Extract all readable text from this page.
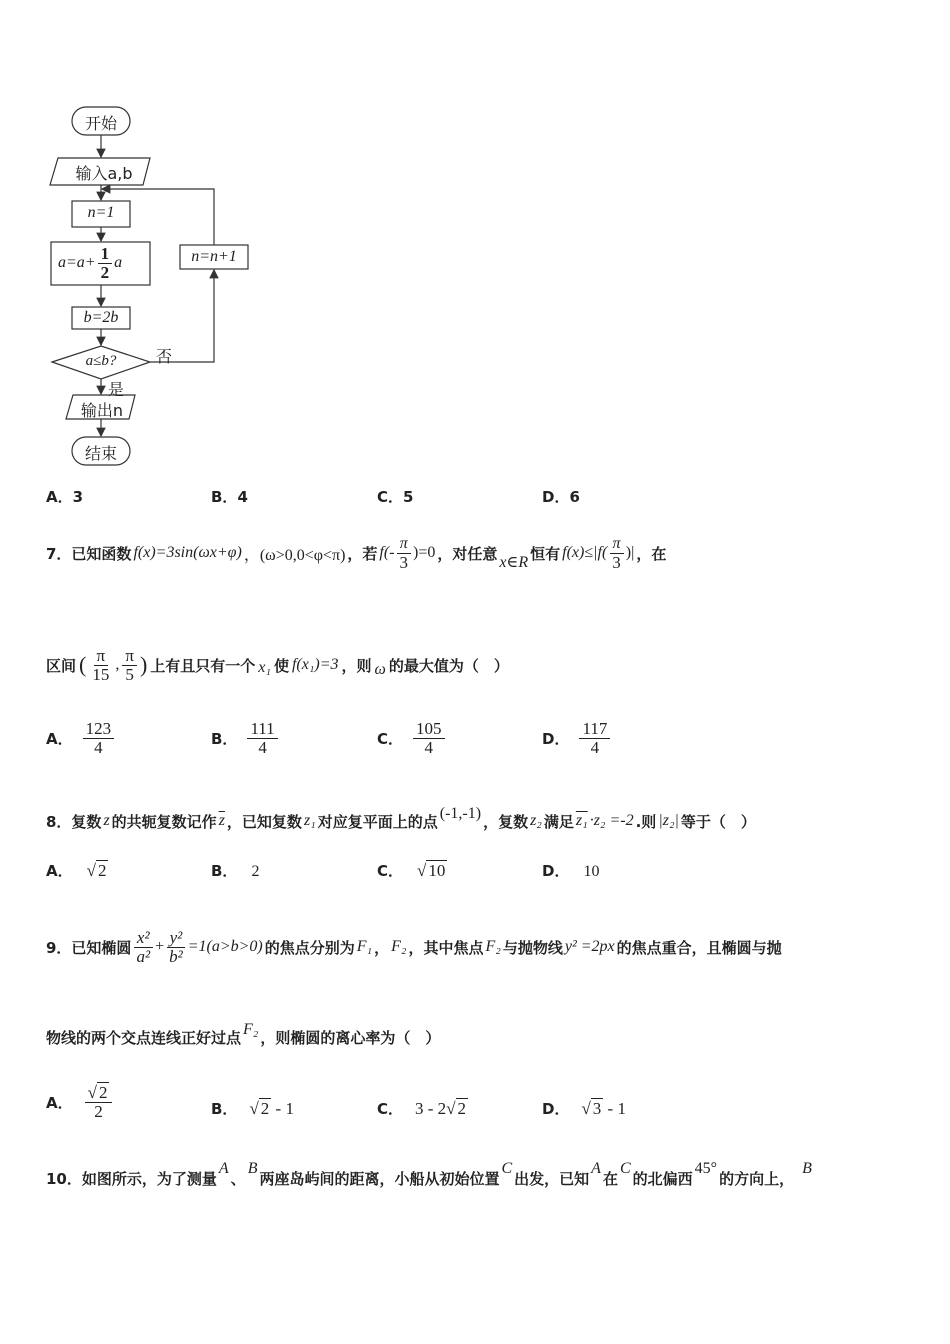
开始
输入a,b
n=1
$a=a+ \frac{1}{2}$ a
b=2b
a≤b?	否
是
n=n+1
输出n
结束
A．3	B．4	C．5	D．6
7．已知函数 f(x)=3sin(ωx+φ) ，(ω>0,0<φ<π) ，若 $f(- \frac{\pi}{3} )=0$ ，对任意 x∈R 恒有 $f(x)\le|f( \frac{\pi}{3}$ )| ，在
区间 ( $\frac{\pi}{15}$ , $\frac{\pi}{5}$ ) 上有且只有一个 x₁ 使 f(x₁)=3 ，则 ω 的最大值为（　）
A． $\frac{123}{4}$	B． $\frac{111}{4}$	C． $\frac{105}{4}$	D． $\frac{117}{4}$
8．复数 z 的共轭复数记作 $\overline{z}$ ，已知复数 z₁ 对应复平面上的点 (-1,-1) ，复数 z₂ 满足 z₁ ·z₂ =-2 .则 |z₂| 等于（　）
A． √ 2	B． 2	C． √ 10	D． 10
9．已知椭圆 $\frac{\text{x²}}{\text{a²}} + \frac{\text{y²}}{\text{b²}} =1(a>b>0)$ 的焦点分别为 F₁ ， F₂ ，其中焦点 F₂ 与抛物线 y² =2px 的焦点重合，且椭圆与抛
物线的两个交点连线正好过点 F₂ ，则椭圆的离心率为（　）
A． $\frac{√ 2}{2}$	B． √ 2 - 1	C． 3 - 2√ 2	D． √ 3 - 1
10．如图所示，为了测量
A
、
B
两座岛屿间的距离，小船从初始位置
C
出发，已知
A
在
C
的北偏西
45°
的方向上，
B
